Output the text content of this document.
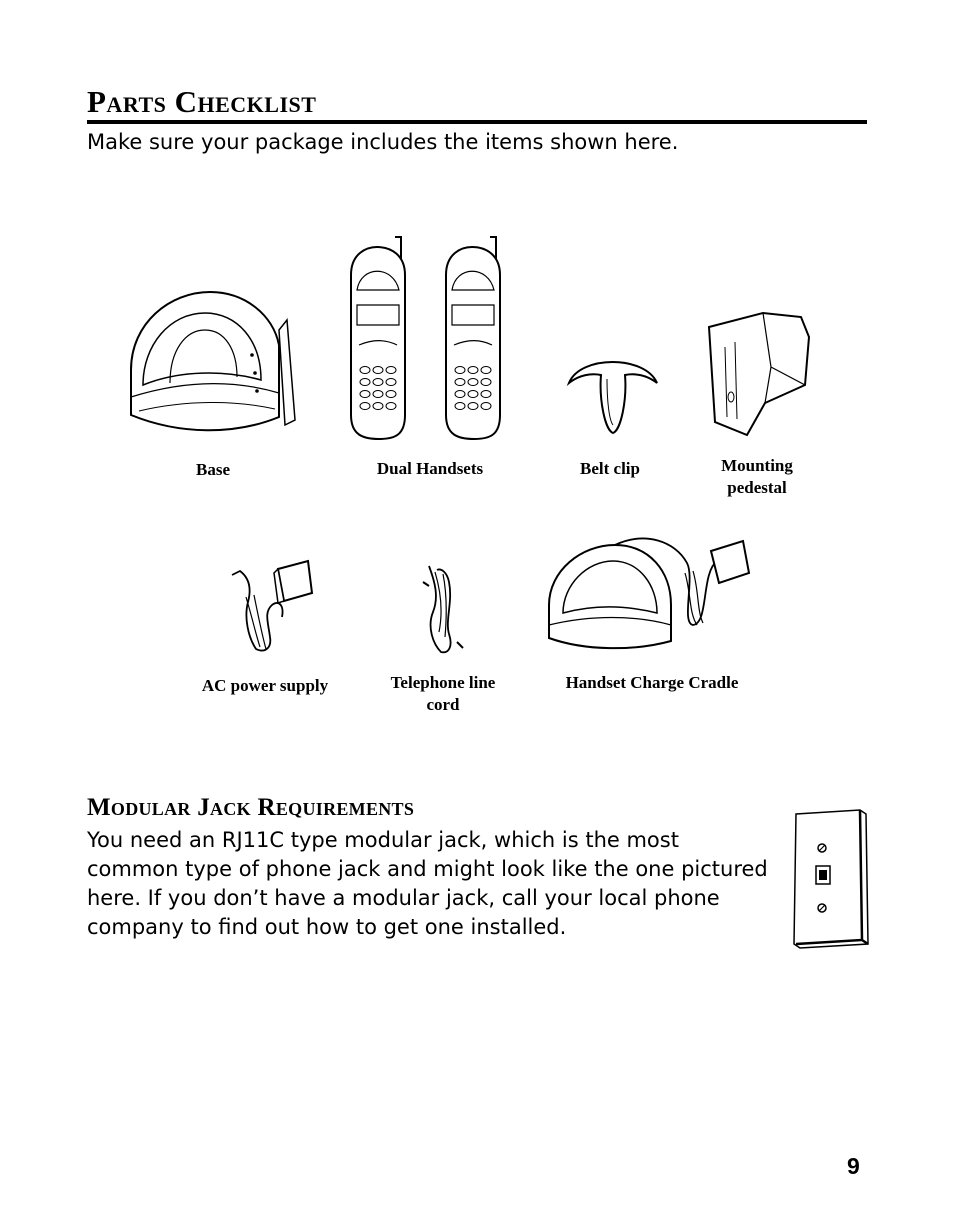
Parts Checklist
Make sure your package includes the items shown here.
Base	Dual Handsets	Belt clip	Mounting pedestal
AC power supply	Telephone line cord
Handset Charge Cradle
Modular Jack Requirements
You need an RJ11C type modular jack, which is the most common type of phone jack and might look like the one pictured here. If you don’t have a modular jack, call your local phone company to find out how to get one installed.
9
